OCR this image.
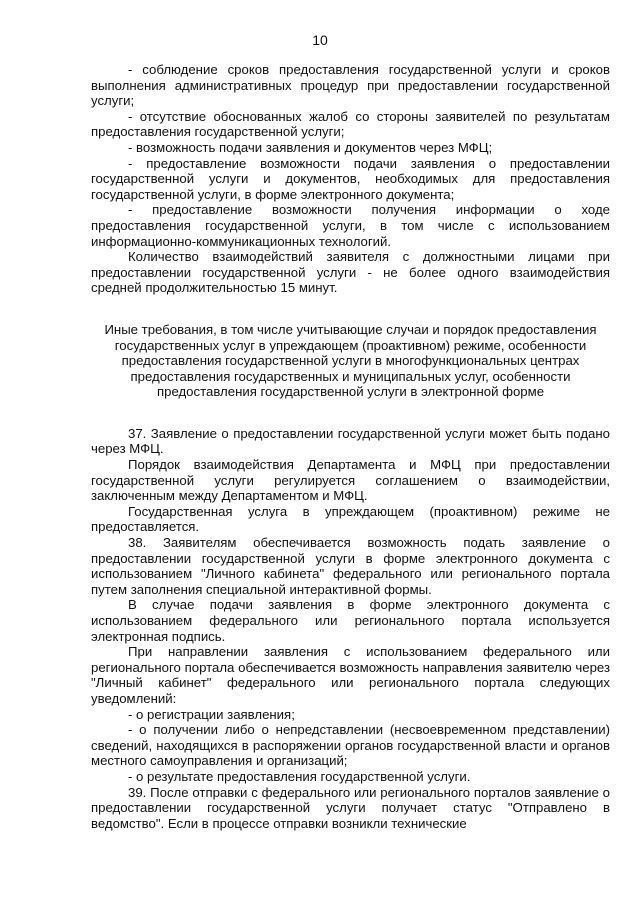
10

- соблюдение сроков предоставления государственной услуги и сроков выполнения административных процедур при предоставлении государственной услуги;

- отсутствие обоснованных жалоб со стороны заявителей по результатам предоставления государственной услуги;

- возможность подачи заявления и документов через МФЦ;

- предоставление возможности подачи заявления о предоставлении государственной услуги и документов, необходимых для предоставления государственной услуги, в форме электронного документа;

- предоставление возможности получения информации о ходе предоставления государственной услуги, в том числе с использованием информационно-коммуникационных технологий.

Количество взаимодействий заявителя с должностными лицами при предоставлении государственной услуги - не более одного взаимодействия средней продолжительностью 15 минут.

Иные требования, в том числе учитывающие случаи и порядок предоставления государственных услуг в упреждающем (проактивном) режиме, особенности предоставления государственной услуги в многофункциональных центрах предоставления государственных и муниципальных услуг, особенности предоставления государственной услуги в электронной форме

37. Заявление о предоставлении государственной услуги может быть подано через МФЦ.

Порядок взаимодействия Департамента и МФЦ при предоставлении государственной услуги регулируется соглашением о взаимодействии, заключенным между Департаментом и МФЦ.

Государственная услуга в упреждающем (проактивном) режиме не предоставляется.

38. Заявителям обеспечивается возможность подать заявление о предоставлении государственной услуги в форме электронного документа с использованием "Личного кабинета" федерального или регионального портала путем заполнения специальной интерактивной формы.

В случае подачи заявления в форме электронного документа с использованием федерального или регионального портала используется электронная подпись.

При направлении заявления с использованием федерального или регионального портала обеспечивается возможность направления заявителю через "Личный кабинет" федерального или регионального портала следующих уведомлений:

- о регистрации заявления;

- о получении либо о непредставлении (несвоевременном представлении) сведений, находящихся в распоряжении органов государственной власти и органов местного самоуправления и организаций;

- о результате предоставления государственной услуги.

39. После отправки с федерального или регионального порталов заявление о предоставлении государственной услуги получает статус "Отправлено в ведомство". Если в процессе отправки возникли технические
